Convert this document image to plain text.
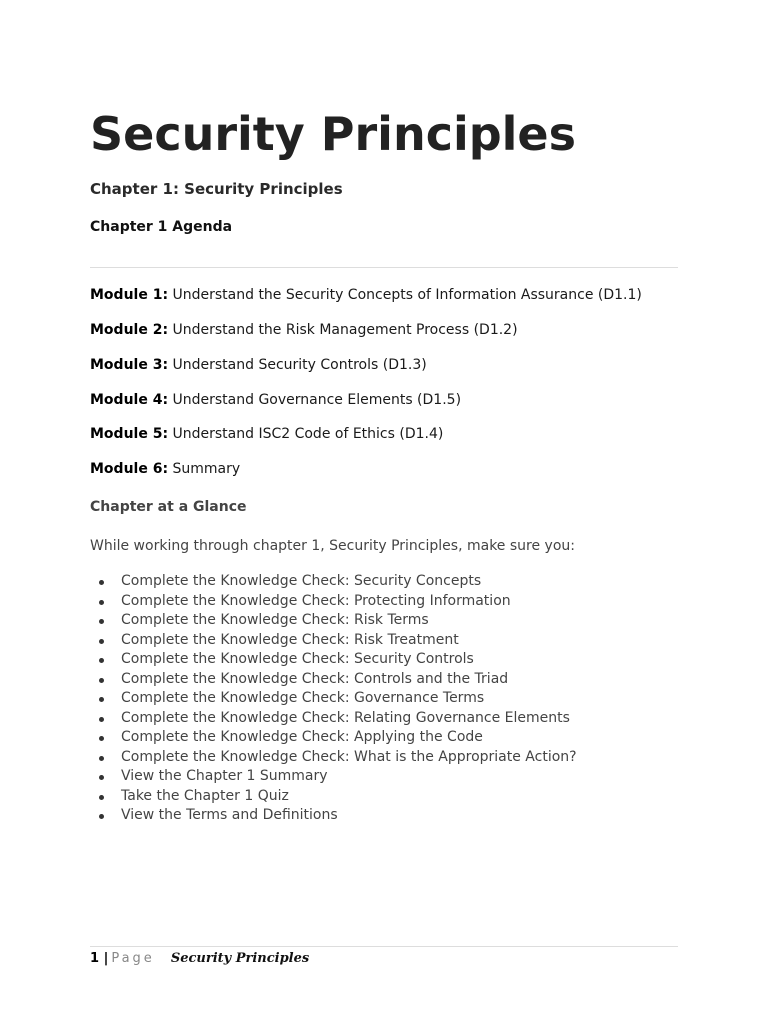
Security Principles
Chapter 1: Security Principles
Chapter 1 Agenda
Module 1: Understand the Security Concepts of Information Assurance (D1.1)
Module 2: Understand the Risk Management Process (D1.2)
Module 3: Understand Security Controls (D1.3)
Module 4: Understand Governance Elements (D1.5)
Module 5: Understand ISC2 Code of Ethics (D1.4)
Module 6: Summary
Chapter at a Glance

While working through chapter 1, Security Principles, make sure you:

Complete the Knowledge Check: Security Concepts
Complete the Knowledge Check: Protecting Information
Complete the Knowledge Check: Risk Terms
Complete the Knowledge Check: Risk Treatment
Complete the Knowledge Check: Security Controls
Complete the Knowledge Check: Controls and the Triad
Complete the Knowledge Check: Governance Terms
Complete the Knowledge Check: Relating Governance Elements
Complete the Knowledge Check: Applying the Code
Complete the Knowledge Check: What is the Appropriate Action?
View the Chapter 1 Summary
Take the Chapter 1 Quiz
View the Terms and Definitions
1 | Page Security Principles
